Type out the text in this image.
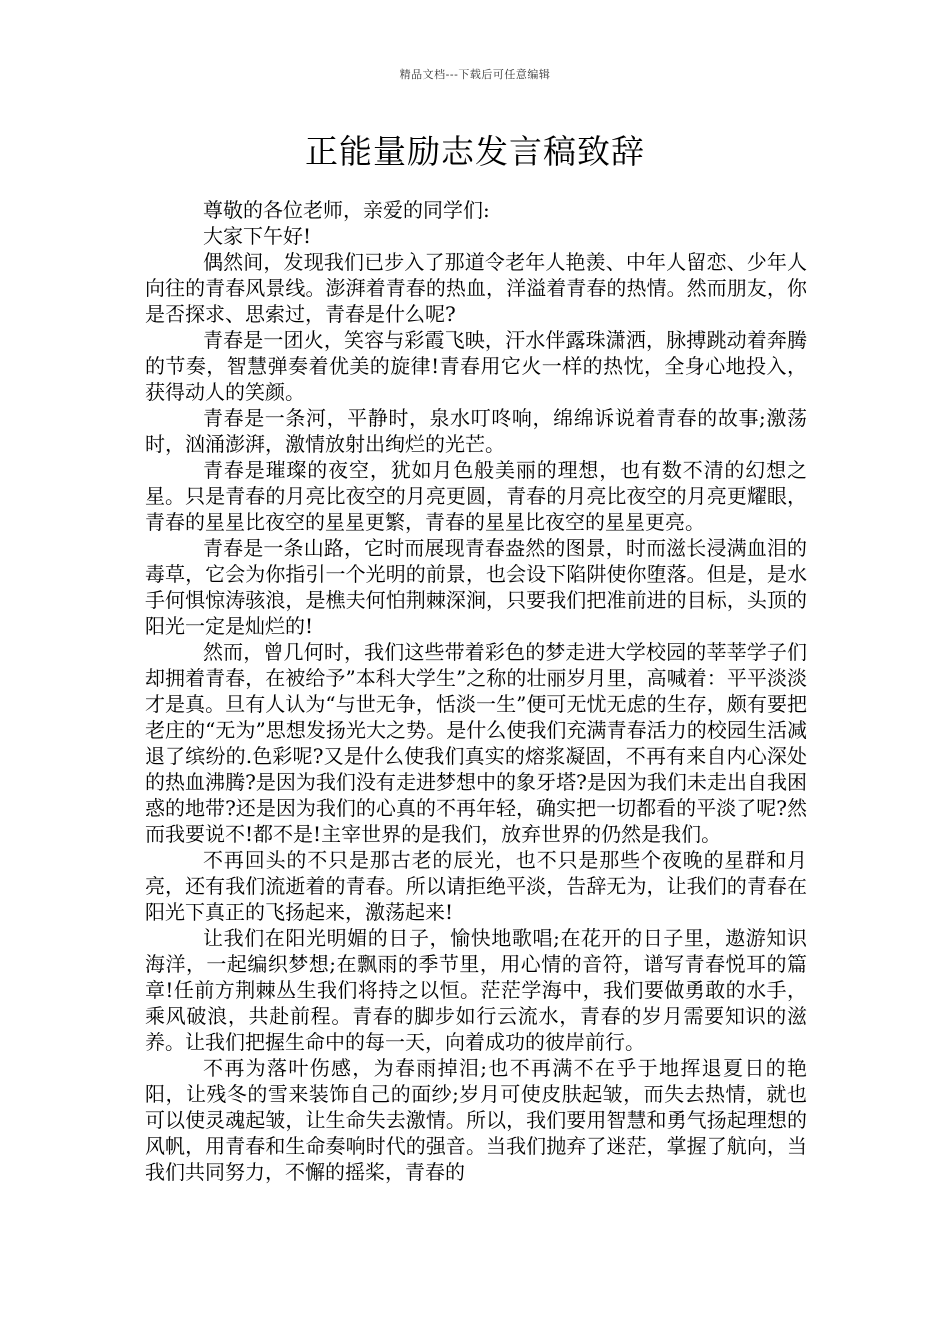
精品文档---下载后可任意编辑
正能量励志发言稿致辞

尊敬的各位老师，亲爱的同学们:

大家下午好!

偶然间，发现我们已步入了那道令老年人艳羡、中年人留恋、少年人向往的青春风景线。澎湃着青春的热血，洋溢着青春的热情。然而朋友，你是否探求、思索过，青春是什么呢?

青春是一团火，笑容与彩霞飞映，汗水伴露珠潇洒，脉搏跳动着奔腾的节奏，智慧弹奏着优美的旋律!青春用它火一样的热忱，全身心地投入，获得动人的笑颜。

青春是一条河，平静时，泉水叮咚响，绵绵诉说着青春的故事;激荡时，汹涌澎湃，激情放射出绚烂的光芒。

青春是璀璨的夜空，犹如月色般美丽的理想，也有数不清的幻想之星。只是青春的月亮比夜空的月亮更圆，青春的月亮比夜空的月亮更耀眼，青春的星星比夜空的星星更繁，青春的星星比夜空的星星更亮。

青春是一条山路，它时而展现青春盎然的图景，时而滋长浸满血泪的毒草，它会为你指引一个光明的前景，也会设下陷阱使你堕落。但是，是水手何惧惊涛骇浪，是樵夫何怕荆棘深涧，只要我们把准前进的目标，头顶的阳光一定是灿烂的!

然而，曾几何时，我们这些带着彩色的梦走进大学校园的莘莘学子们却拥着青春，在被给予”本科大学生”之称的壮丽岁月里，高喊着：平平淡淡才是真。旦有人认为“与世无争，恬淡一生”便可无忧无虑的生存，颇有要把老庄的“无为”思想发扬光大之势。是什么使我们充满青春活力的校园生活减退了缤纷的.色彩呢?又是什么使我们真实的熔浆凝固，不再有来自内心深处的热血沸腾?是因为我们没有走进梦想中的象牙塔?是因为我们未走出自我困惑的地带?还是因为我们的心真的不再年轻，确实把一切都看的平淡了呢?然而我要说不!都不是!主宰世界的是我们，放弃世界的仍然是我们。

不再回头的不只是那古老的辰光，也不只是那些个夜晚的星群和月亮，还有我们流逝着的青春。所以请拒绝平淡，告辞无为，让我们的青春在阳光下真正的飞扬起来，激荡起来!

让我们在阳光明媚的日子，愉快地歌唱;在花开的日子里，遨游知识海洋，一起编织梦想;在飘雨的季节里，用心情的音符，谱写青春悦耳的篇章!任前方荆棘丛生我们将持之以恒。茫茫学海中，我们要做勇敢的水手，乘风破浪，共赴前程。青春的脚步如行云流水，青春的岁月需要知识的滋养。让我们把握生命中的每一天，向着成功的彼岸前行。

不再为落叶伤感，为春雨掉泪;也不再满不在乎于地挥退夏日的艳阳，让残冬的雪来装饰自己的面纱;岁月可使皮肤起皱，而失去热情，就也可以使灵魂起皱，让生命失去激情。所以，我们要用智慧和勇气扬起理想的风帆，用青春和生命奏响时代的强音。当我们抛弃了迷茫，掌握了航向，当我们共同努力，不懈的摇桨，青春的
